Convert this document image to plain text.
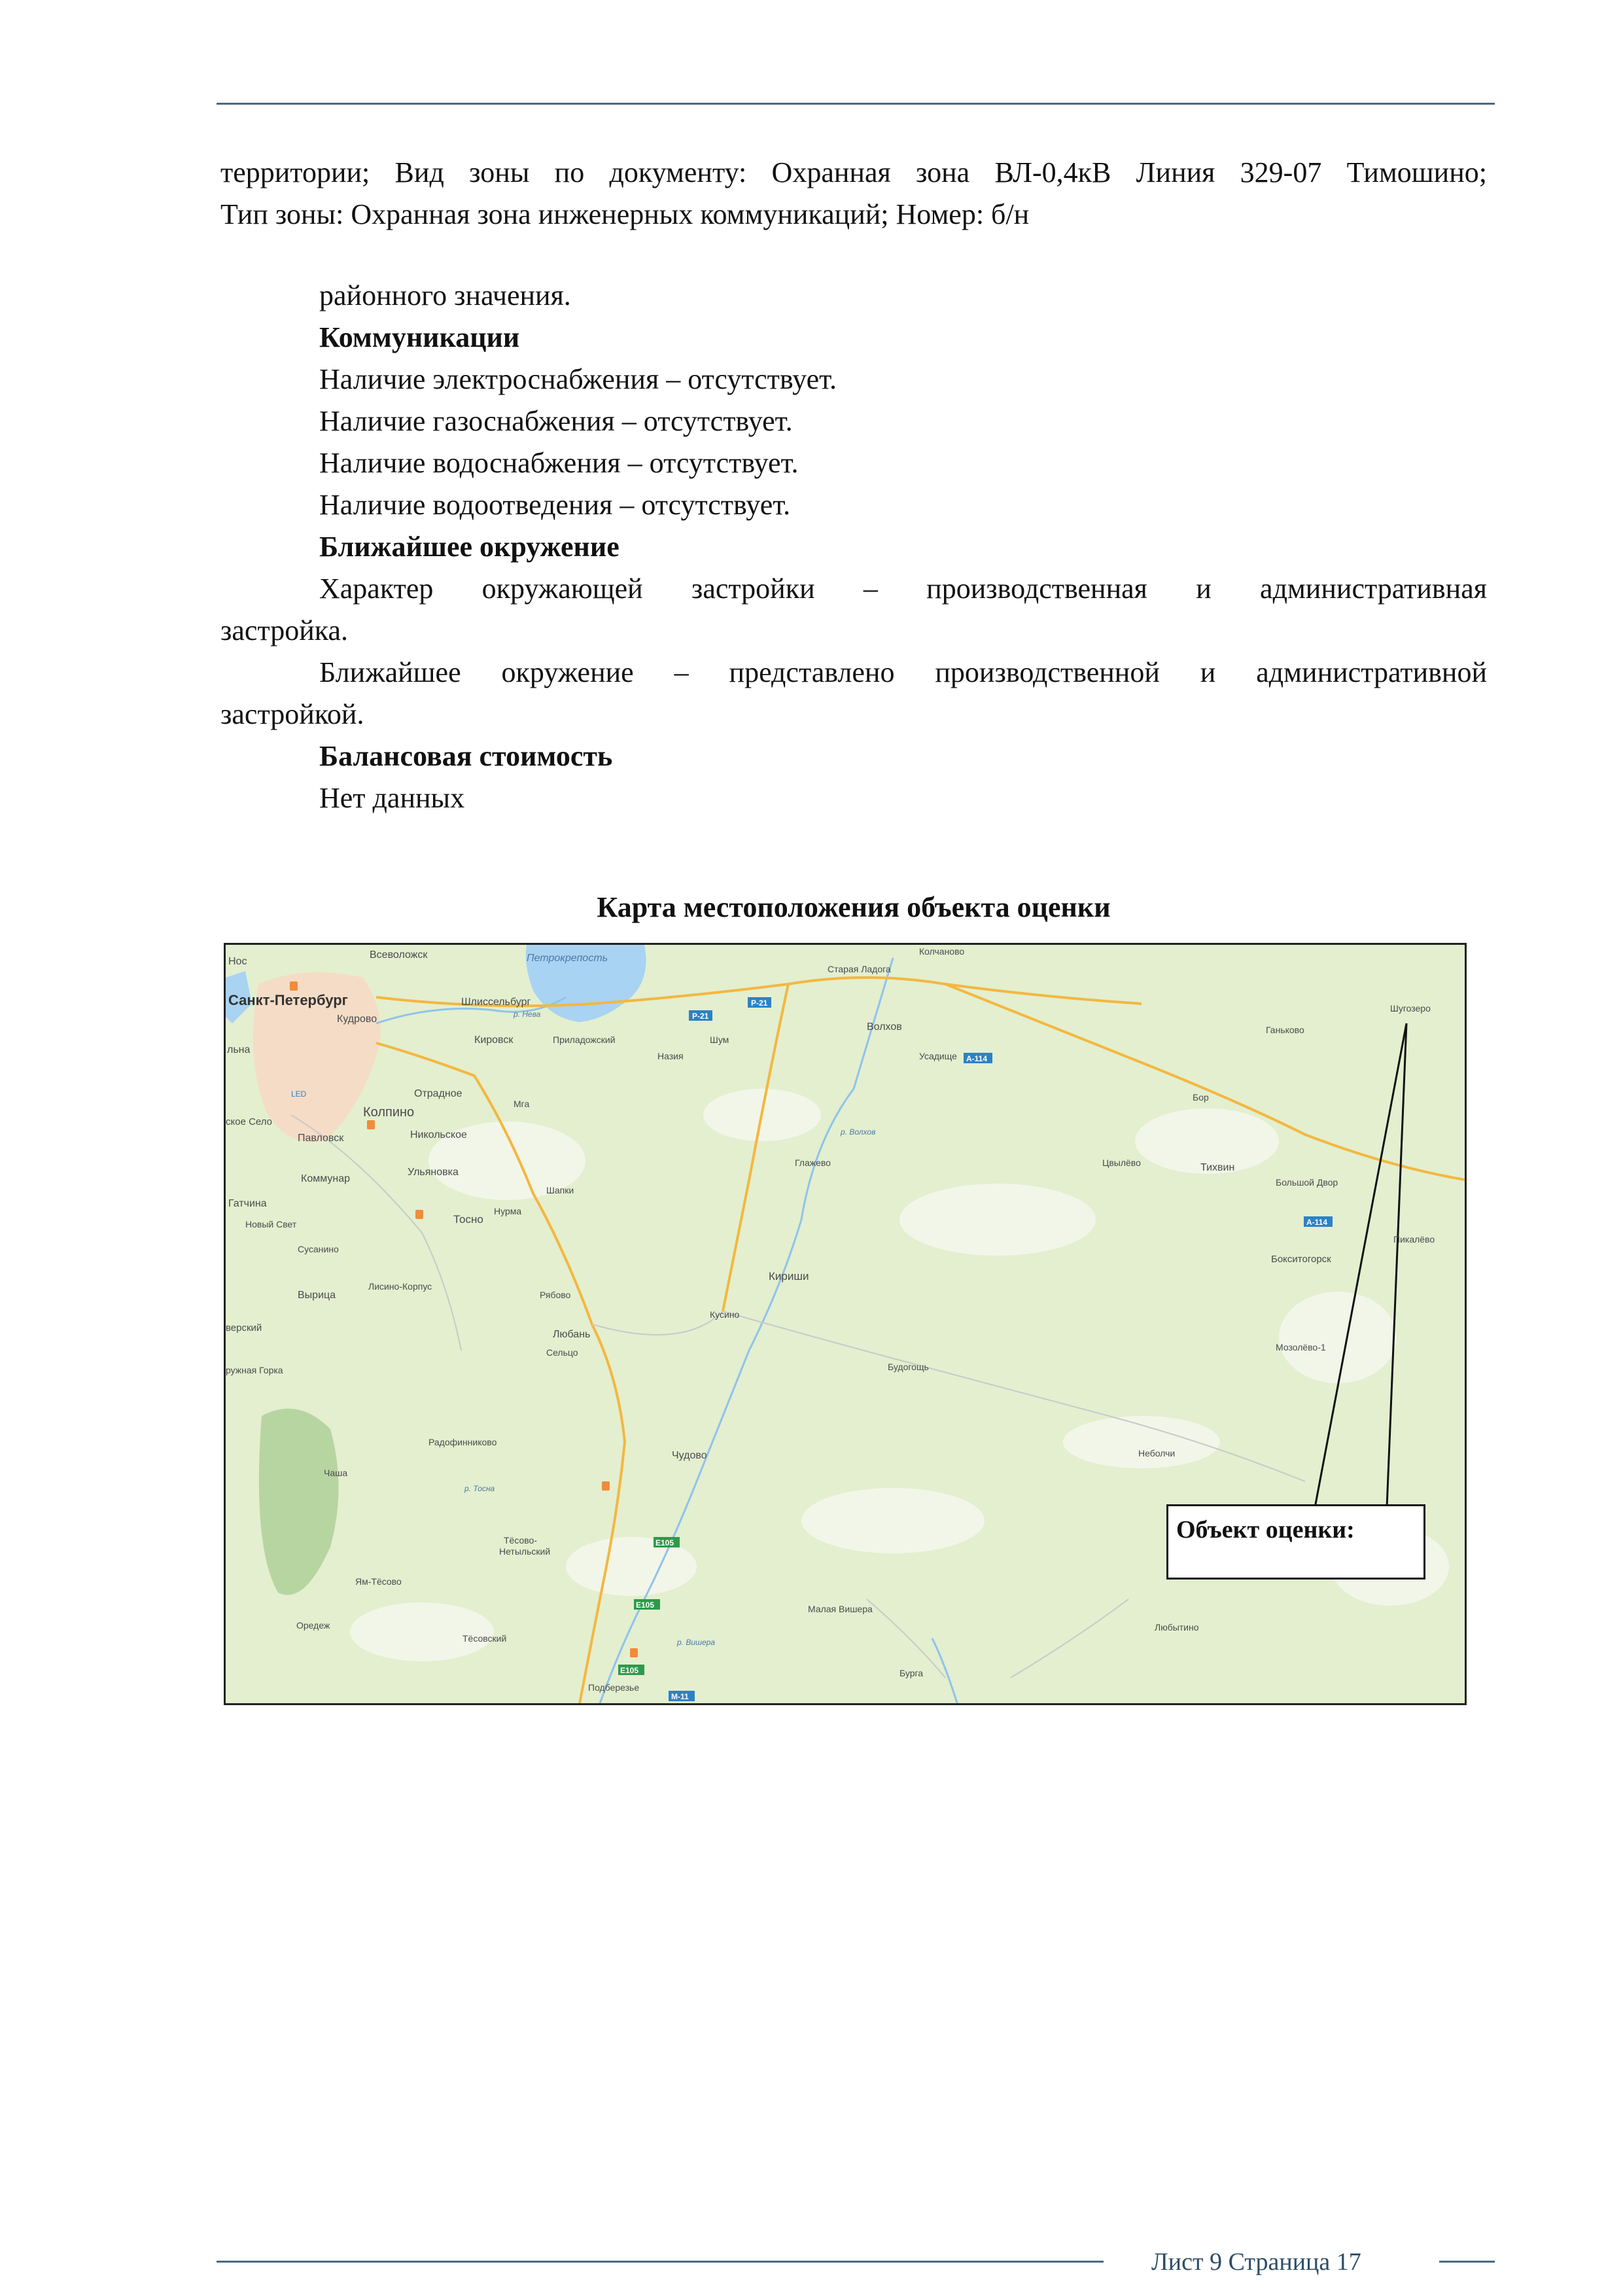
территории; Вид зоны по документу: Охранная зона ВЛ-0,4кВ Линия 329-07 Тимошино;

Тип зоны: Охранная зона инженерных коммуникаций; Номер: б/н

районного значения.

Коммуникации

Наличие электроснабжения – отсутствует.

Наличие газоснабжения – отсутствует.

Наличие водоснабжения – отсутствует.

Наличие водоотведения – отсутствует.

Ближайшее окружение

Характер окружающей застройки – производственная и административная

застройка.

Ближайшее окружение – представлено производственной и административной

застройкой.

Балансовая стоимость

Нет данных

Карта местоположения объекта оценки

P-21
P-21
A-114
A-114
E105
E105
E105
M-11
Нос
Всеволожск	Петрокрепость
Колчаново
Старая Ладога
Санкт-Петербург
Кудрово
Шлиссельбург
Волхов
Шугозеро
Ганьково
Кировск	Приладожский
Назия
Шум
Усадище
льна
LED	Отрадное
Колпино
Мга
Бор
ское Село
Павловск	Никольское
Глажево	Цвылёво	Тихвин
Ульяновка
Коммунар
Шапки
Большой Двор
Гатчина
Нурма
Тосно
Новый Свет
Пикалёво
Сусанино
Бокситогорск
Кириши
Вырица
Лисино-Корпус
Рябово
Кусино
верский
Любань
Сельцо	Мозолёво-1
Будогощь
ружная Горка
Радофинниково
Чудово	Неболчи
Чаша
р. Тосна
Тёсово-
Нетыльский
Ям-Тёсово
Оредеж
Тёсовский
Малая Вишера
Любытино
Бурга
Подберезье
р. Волхов
р. Нева
р. Вишера
Объект оценки:
Лист 9 Страница 17
